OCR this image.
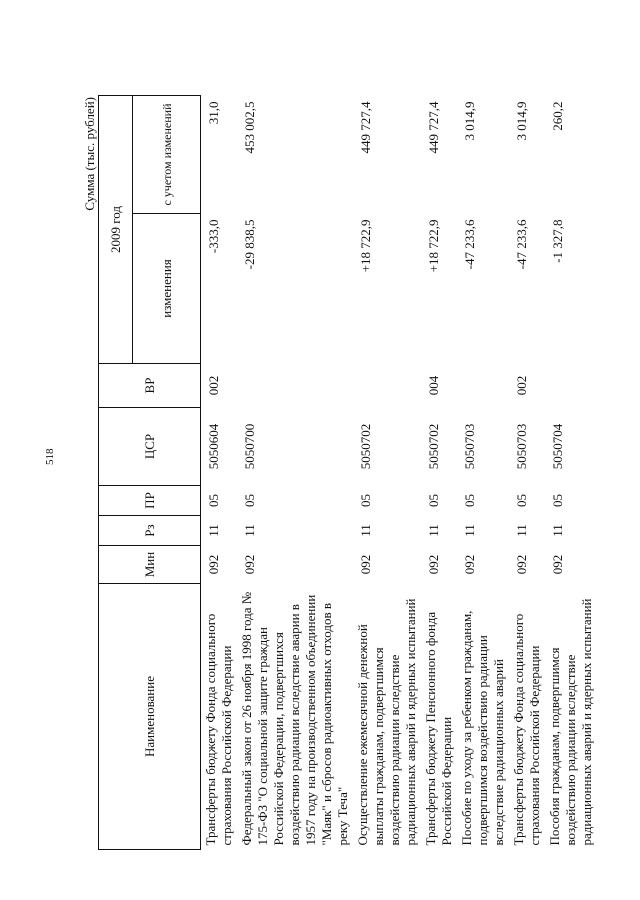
518
Сумма (тыс. рублей)
Наименование	Мин	Рз	ПР	ЦСР	ВР	2009 год	
						изменения	с учетом изменений
Трансферты бюджету Фонда социального страхования Российской Федерации	092	11	05	5050604	002	-333,0	31,0
Федеральный закон от 26 ноября 1998 года № 175-ФЗ "О социальной защите граждан Российской Федерации, подвергшихся воздействию радиации вследствие аварии в 1957 году на производственном объединении "Маяк" и сбросов радиоактивных отходов в реку Теча"	092	11	05	5050700		-29 838,5	453 002,5
Осуществление ежемесячной денежной выплаты гражданам, подвергшимся воздействию радиации вследствие радиационных аварий и ядерных испытаний	092	11	05	5050702		+18 722,9	449 727,4
Трансферты бюджету Пенсионного фонда Российской Федерации	092	11	05	5050702	004	+18 722,9	449 727,4
Пособие по уходу за ребенком гражданам, подвергшимся воздействию радиации вследствие радиационных аварий	092	11	05	5050703		-47 233,6	3 014,9
Трансферты бюджету Фонда социального страхования Российской Федерации	092	11	05	5050703	002	-47 233,6	3 014,9
Пособия гражданам, подвергшимся воздействию радиации вследствие радиационных аварий и ядерных испытаний	092	11	05	5050704		-1 327,8	260,2
